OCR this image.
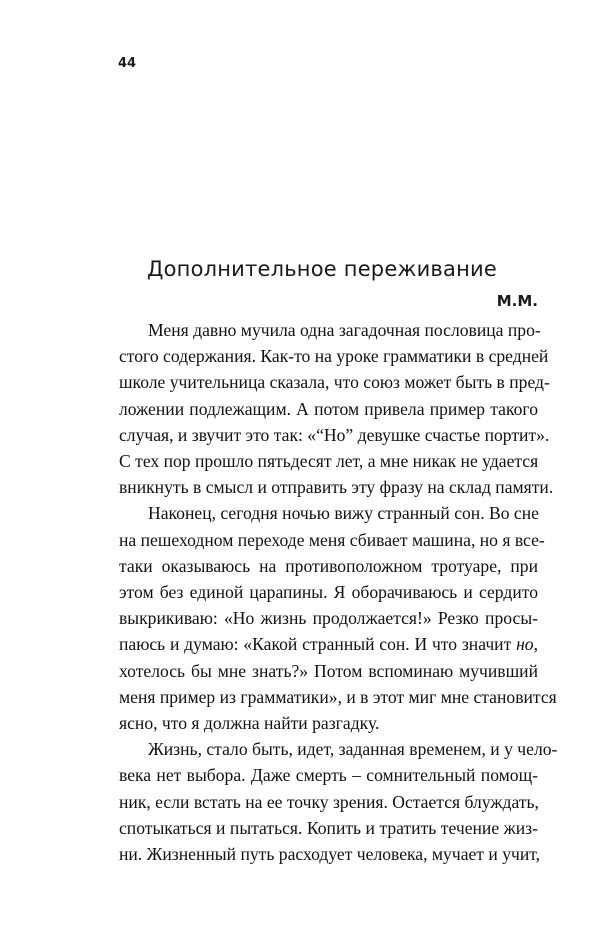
44
Дополнительное переживание
М.М.

Меня давно мучила одна загадочная пословица про-
стого содержания. Как-то на уроке грамматики в средней
школе учительница сказала, что союз может быть в пред-
ложении подлежащим. А потом привела пример такого
случая, и звучит это так: «“Но” девушке счастье портит».
С тех пор прошло пятьдесят лет, а мне никак не удается
вникнуть в смысл и отправить эту фразу на склад памяти.

Наконец, сегодня ночью вижу странный сон. Во сне
на пешеходном переходе меня сбивает машина, но я все-
таки оказываюсь на противоположном тротуаре, при
этом без единой царапины. Я оборачиваюсь и сердито
выкрикиваю: «Но жизнь продолжается!» Резко просы-
паюсь и думаю: «Какой странный сон. И что значит но,
хотелось бы мне знать?» Потом вспоминаю мучивший
меня пример из грамматики», и в этот миг мне становится
ясно, что я должна найти разгадку.

Жизнь, стало быть, идет, заданная временем, и у чело-
века нет выбора. Даже смерть – сомнительный помощ-
ник, если встать на ее точку зрения. Остается блуждать,
спотыкаться и пытаться. Копить и тратить течение жиз-
ни. Жизненный путь расходует человека, мучает и учит,
